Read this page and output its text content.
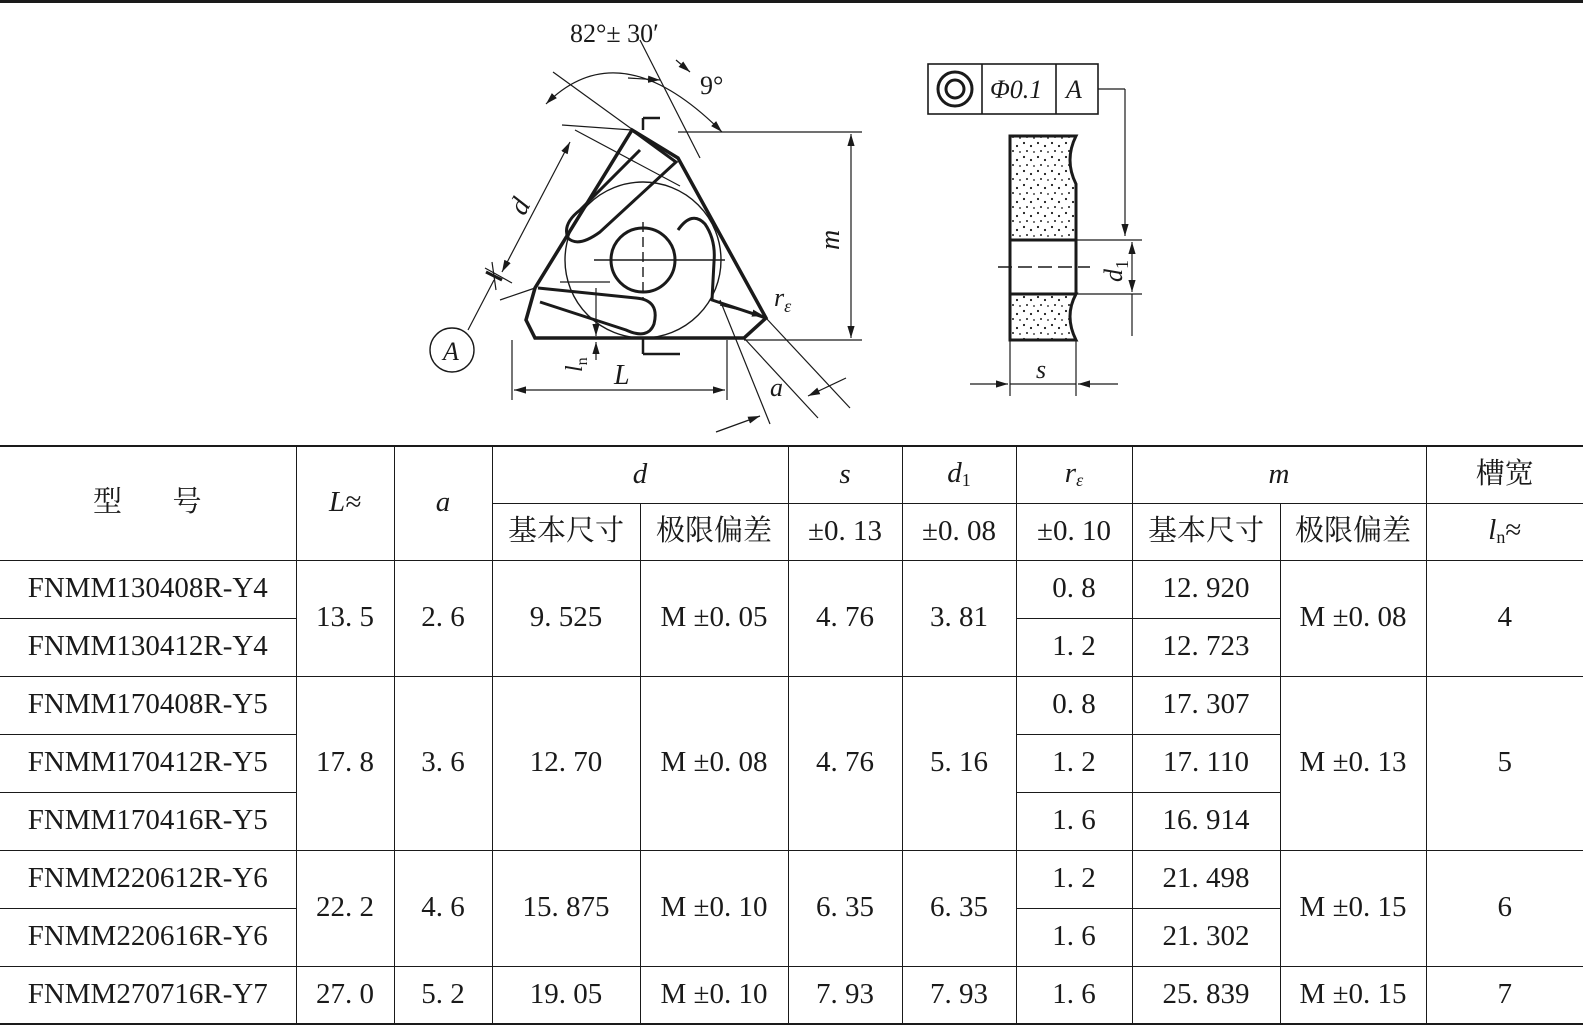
82°± 30′
9°
d
m
$r_\varepsilon$
a
L
$l_n$
A
Φ0.1 A
$d_1$
s
型      号	L≈	a	d		s	$d_1$	$r_\varepsilon$	m		槽宽
			基本尺寸	极限偏差	±0. 13	±0. 08	±0. 10	基本尺寸	极限偏差	$l_n\approx$
FNMM130408R-Y4	13. 5	2. 6	9. 525	M ±0. 05	4. 76	3. 81	0. 8	12. 920	M ±0. 08	4
FNMM130412R-Y4							1. 2	12. 723		
FNMM170408R-Y5	17. 8	3. 6	12. 70	M ±0. 08	4. 76	5. 16	0. 8	17. 307	M ±0. 13	5
FNMM170412R-Y5							1. 2	17. 110		
FNMM170416R-Y5							1. 6	16. 914		
FNMM220612R-Y6	22. 2	4. 6	15. 875	M ±0. 10	6. 35	6. 35	1. 2	21. 498	M ±0. 15	6
FNMM220616R-Y6							1. 6	21. 302		
FNMM270716R-Y7	27. 0	5. 2	19. 05	M ±0. 10	7. 93	7. 93	1. 6	25. 839	M ±0. 15	7
